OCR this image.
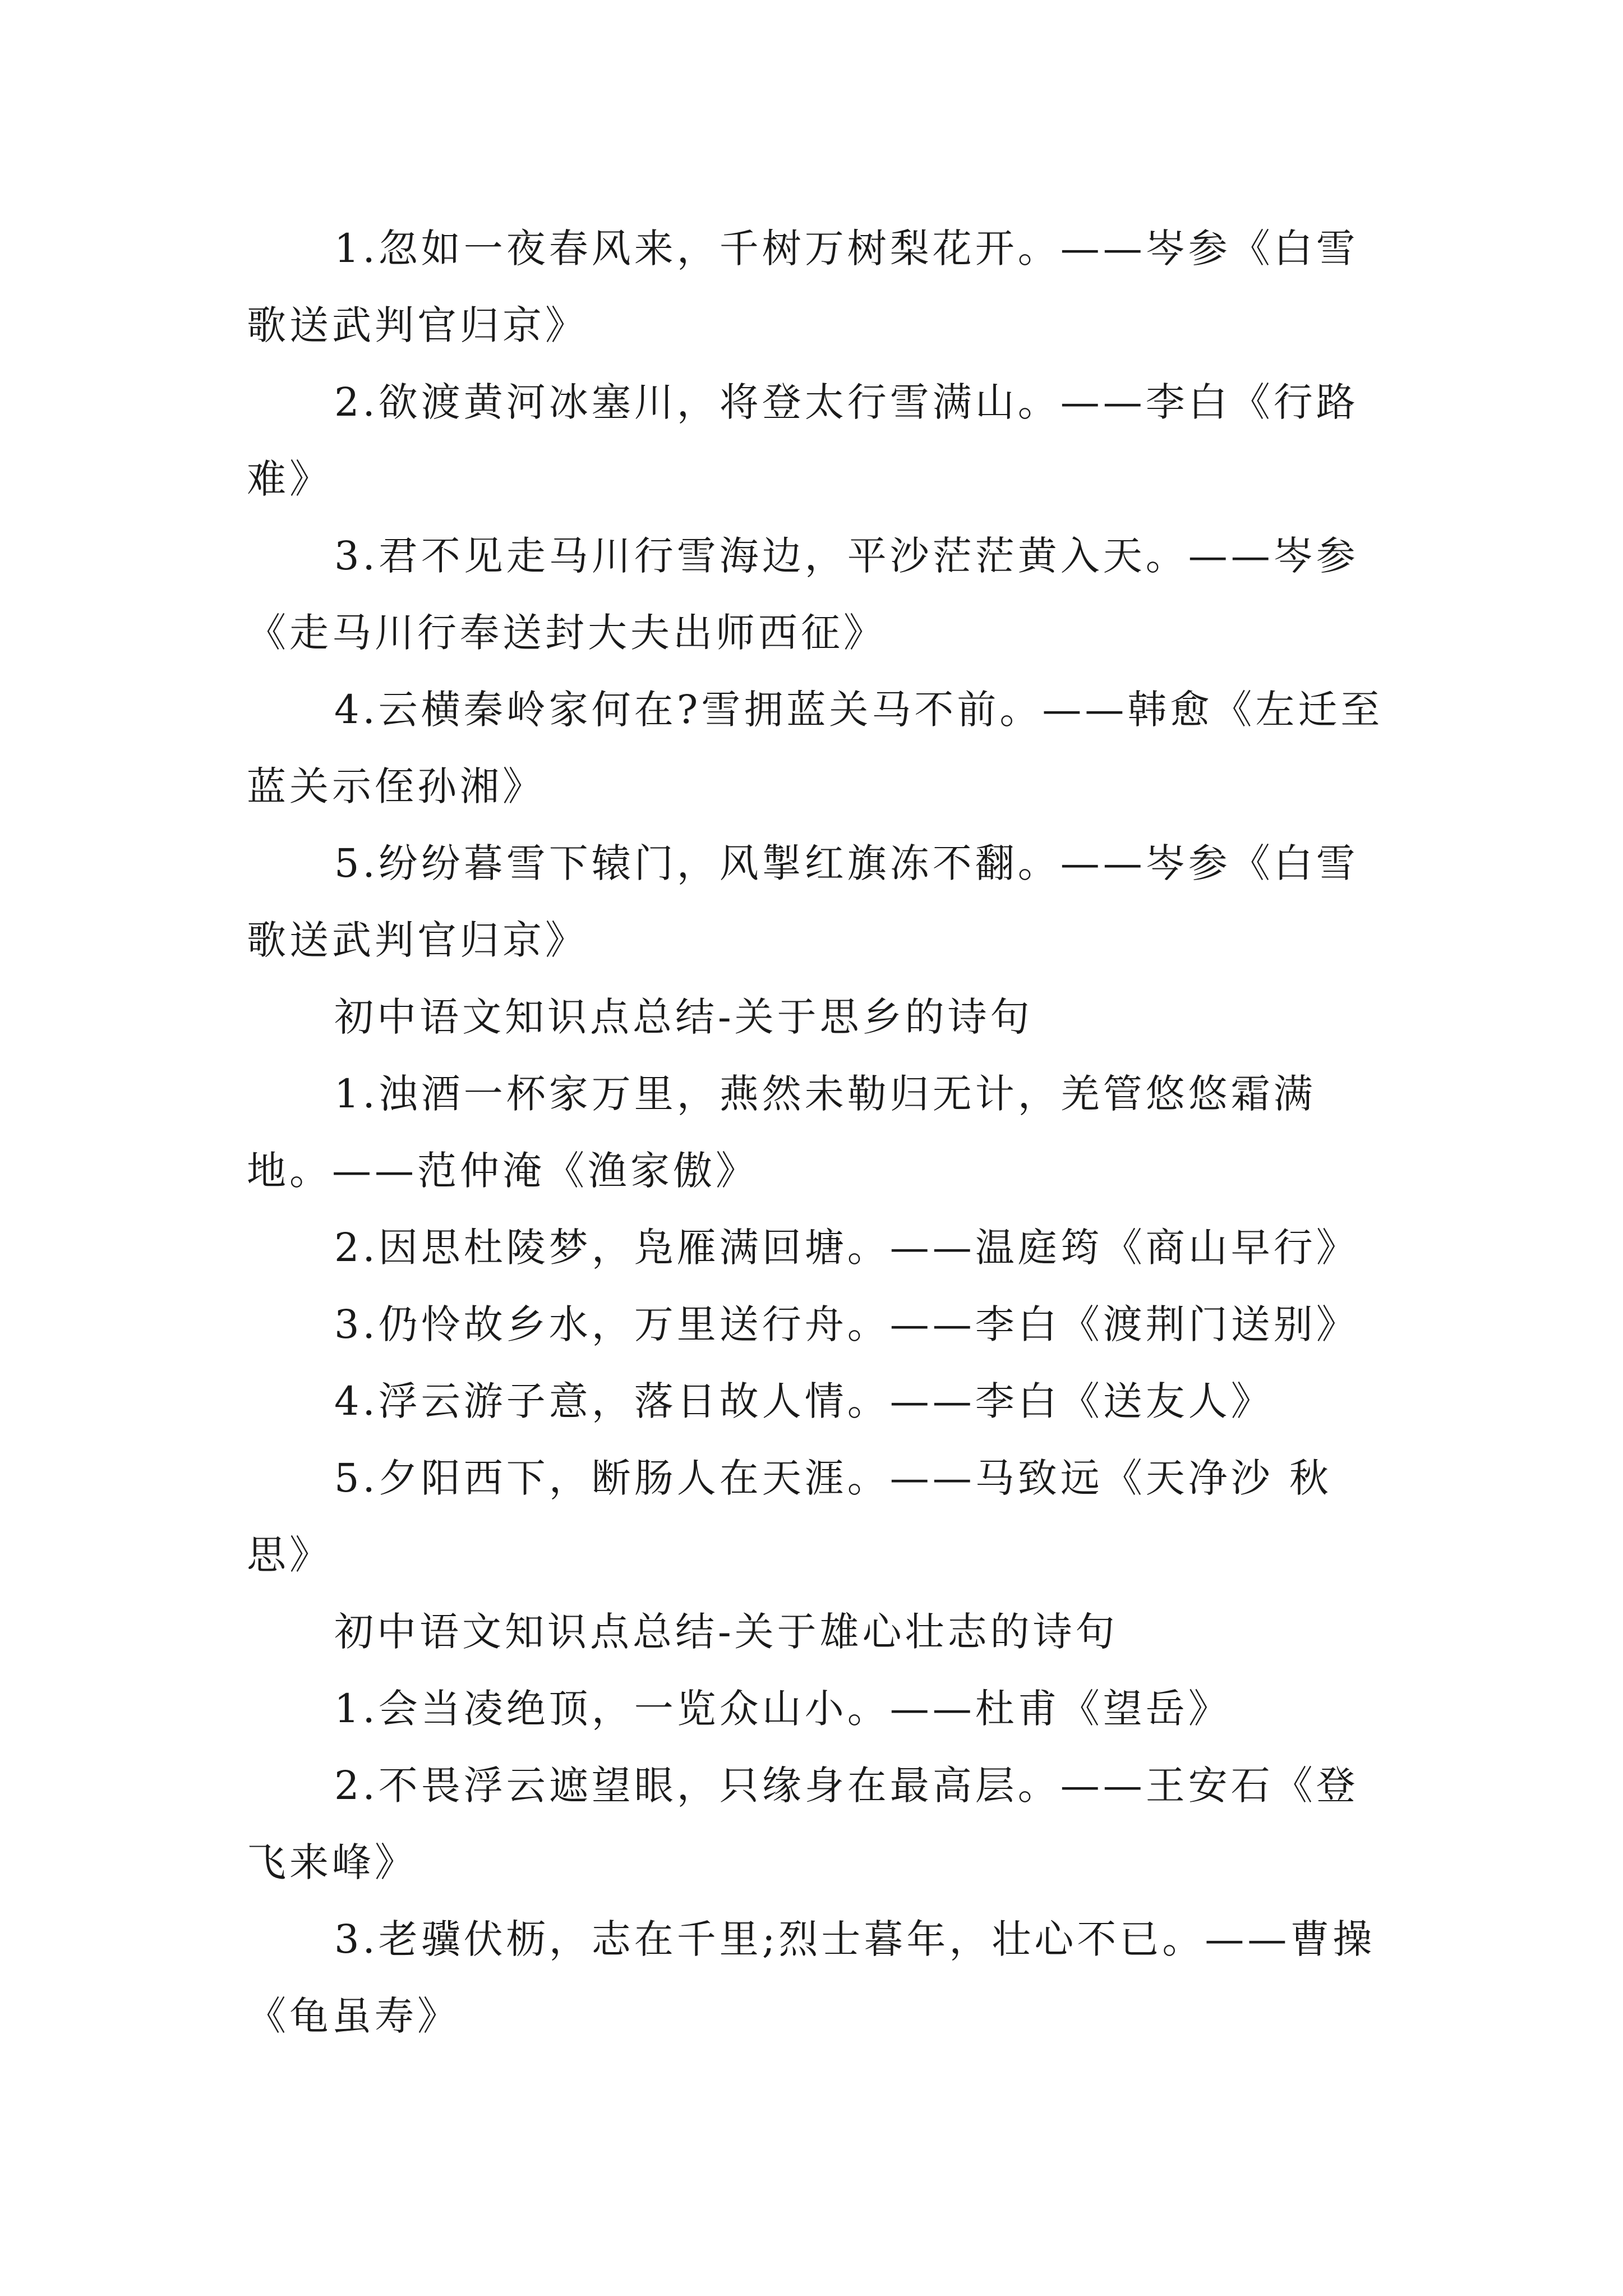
1.忽如一夜春风来，千树万树梨花开。——岑参《白雪歌送武判官归京》

2.欲渡黄河冰塞川，将登太行雪满山。——李白《行路难》

3.君不见走马川行雪海边，平沙茫茫黄入天。——岑参《走马川行奉送封大夫出师西征》

4.云横秦岭家何在?雪拥蓝关马不前。——韩愈《左迁至蓝关示侄孙湘》

5.纷纷暮雪下辕门，风掣红旗冻不翻。——岑参《白雪歌送武判官归京》

初中语文知识点总结-关于思乡的诗句

1.浊酒一杯家万里，燕然未勒归无计，羌管悠悠霜满地。——范仲淹《渔家傲》

2.因思杜陵梦，凫雁满回塘。——温庭筠《商山早行》

3.仍怜故乡水，万里送行舟。——李白《渡荆门送别》

4.浮云游子意，落日故人情。——李白《送友人》

5.夕阳西下，断肠人在天涯。——马致远《天净沙 秋思》

初中语文知识点总结-关于雄心壮志的诗句

1.会当凌绝顶，一览众山小。——杜甫《望岳》

2.不畏浮云遮望眼，只缘身在最高层。——王安石《登飞来峰》

3.老骥伏枥，志在千里;烈士暮年，壮心不已。——曹操《龟虽寿》
